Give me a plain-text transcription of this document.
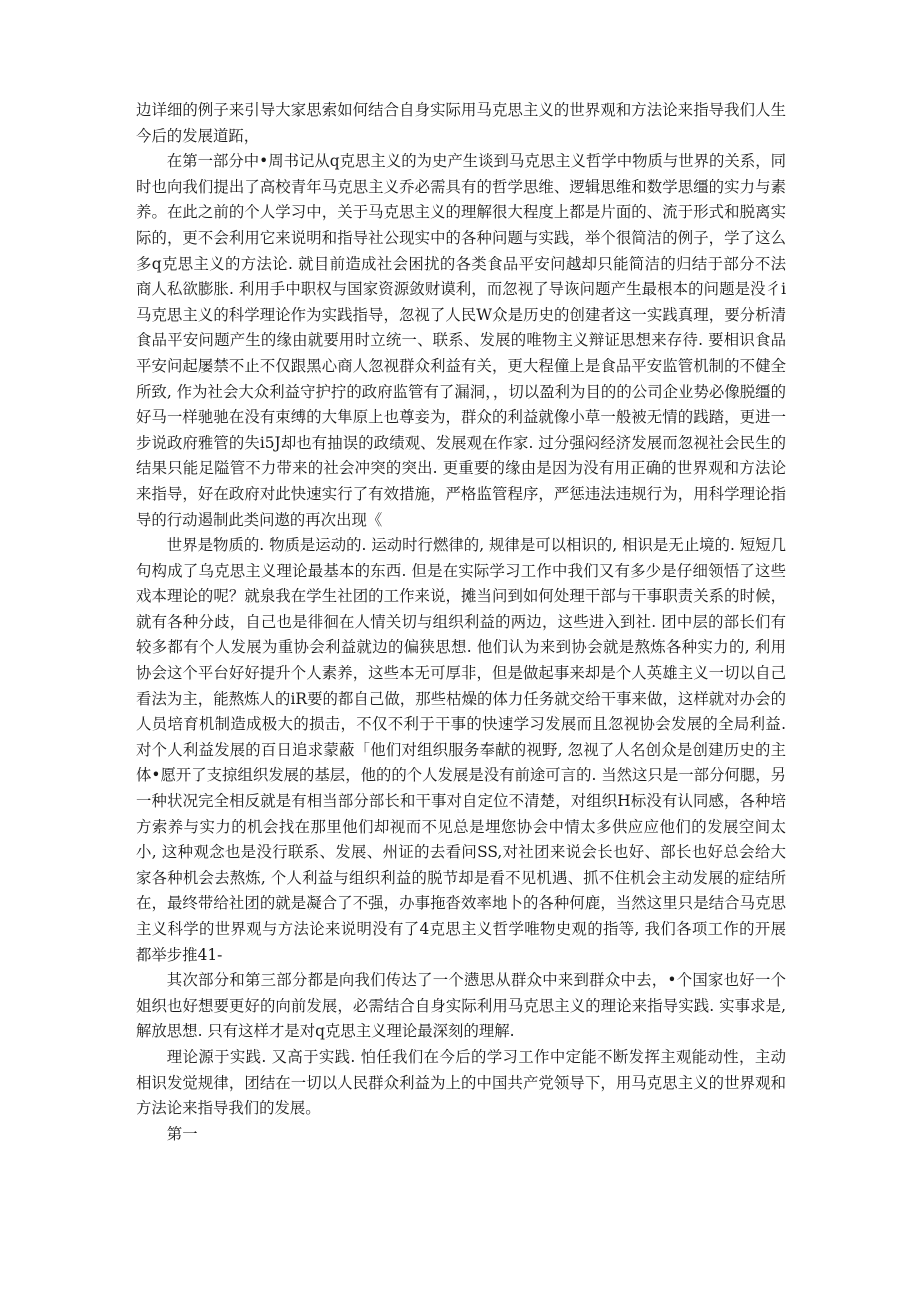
边详细的例子来引导大家思索如何结合自身实际用马克思主义的世界观和方法论来指导我们人生今后的发展道跖，

在第一部分中•周书记从q克思主义的为史产生谈到马克思主义哲学中物质与世界的关系，同时也向我们提出了高校青年马克思主义乔必需具有的哲学思维、逻辑思维和数学思缰的实力与素养。在此之前的个人学习中，关于马克思主义的理解很大程度上都是片面的、流于形式和脱离实际的，更不会利用它来说明和指导社公现实中的各种问题与实践，举个很简洁的例子，学了这么多q克思主义的方法论. 就目前造成社会困扰的各类食品平安问越却只能简洁的归结于部分不法商人私欲膨胀. 利用手中职权与国家资源敛财谟利，而忽视了导诙问题产生最根本的问题是没彳i马克思主义的科学理论作为实践指导，忽视了人民W众是历史的创建者这一实践真理，要分析清食品平安问题产生的缘由就要用时立统一、联系、发展的唯物主义辩证思想来存待. 要相识食品平安问起屡禁不止不仅跟黑心商人忽视群众利益有关，更大程僮上是食品平安监管机制的不健全所致, 作为社会大众利益守护拧的政府监管有了漏洞，，切以盈利为目的的公司企业势必像脱缰的好马一样驰驰在没有束缚的大隼原上也尊妾为，群众的利益就像小草一般被无情的践踏，更进一步说政府雅管的失i5J却也有抽误的政绩观、发展观在作家. 过分强闷经济发展而忽视社会民生的结果只能足隘管不力带来的社会冲突的突出. 更重要的缘由是因为没有用正确的世界观和方法论来指导，好在政府对此快速实行了有效措施，严格监管程序，严惩违法违规行为，用科学理论指导的行动遏制此类问遨的再次出现《

世界是物质的. 物质是运动的. 运动时行燃律的, 规律是可以相识的, 相识是无止境的. 短短几句构成了乌克思主义理论最基本的东西. 但是在实际学习工作中我们又有多少是仔细领悟了这些戏本理论的呢？就泉我在学生社团的工作来说，摊当问到如何处理干部与干事职责关系的时候，就有各种分歧，自己也是徘徊在人情关切与组织利益的两边，这些进入到社. 团中层的部长们有较多都有个人发展为重协会利益就边的偏狭思想. 他们认为来到协会就是熬炼各种实力的, 利用协会这个平台好好提升个人素养，这些本无可厚非，但是做起事来却是个人英雄主义一切以自己看法为主，能熬炼人的iR要的都自己做，那些枯燥的体力任务就交给干事来做，这样就对办会的人员培育机制造成极大的损击，不仅不利于干事的快速学习发展而且忽视协会发展的全局利益. 对个人利益发展的百日追求蒙蔽「他们对组织服务奉献的视野, 忽视了人名创众是创建历史的主体•愿开了支掠组织发展的基层，他的的个人发展是没有前途可言的. 当然这只是一部分何腮，另一种状况完全相反就是有相当部分部长和干事对自定位不清楚，对组织H标没有认同感，各种培方索养与实力的机会找在那里他们却视而不见总是埋您协会中情太多供应应他们的发展空间太小, 这种观念也是没行联系、发展、州证的去看问SS,对社团来说会长也好、部长也好总会给大家各种机会去熬炼, 个人利益与组织利益的脱节却是看不见机遇、抓不住机会主动发展的症结所在，最终带给社团的就是凝合了不强，办事拖沓效率地卜的各种何鹿，当然这里只是结合马克思主义科学的世界观与方法论来说明没有了4克思主义哲学唯物史观的指等, 我们各项工作的开展都举步推41-

其次部分和第三部分都是向我们传达了一个懑思从群众中来到群众中去，•个国家也好一个姐织也好想要更好的向前发展，必需结合自身实际利用马克思主义的理论来指导实践. 实事求是, 解放思想. 只有这样才是对q克思主义理论最深刻的理解.

理论源于实践. 又高于实践. 怕任我们在今后的学习工作中定能不断发挥主观能动性，主动相识发觉规律，团结在一切以人民群众利益为上的中国共产党领导下，用马克思主义的世界观和方法论来指导我们的发展。

第一
